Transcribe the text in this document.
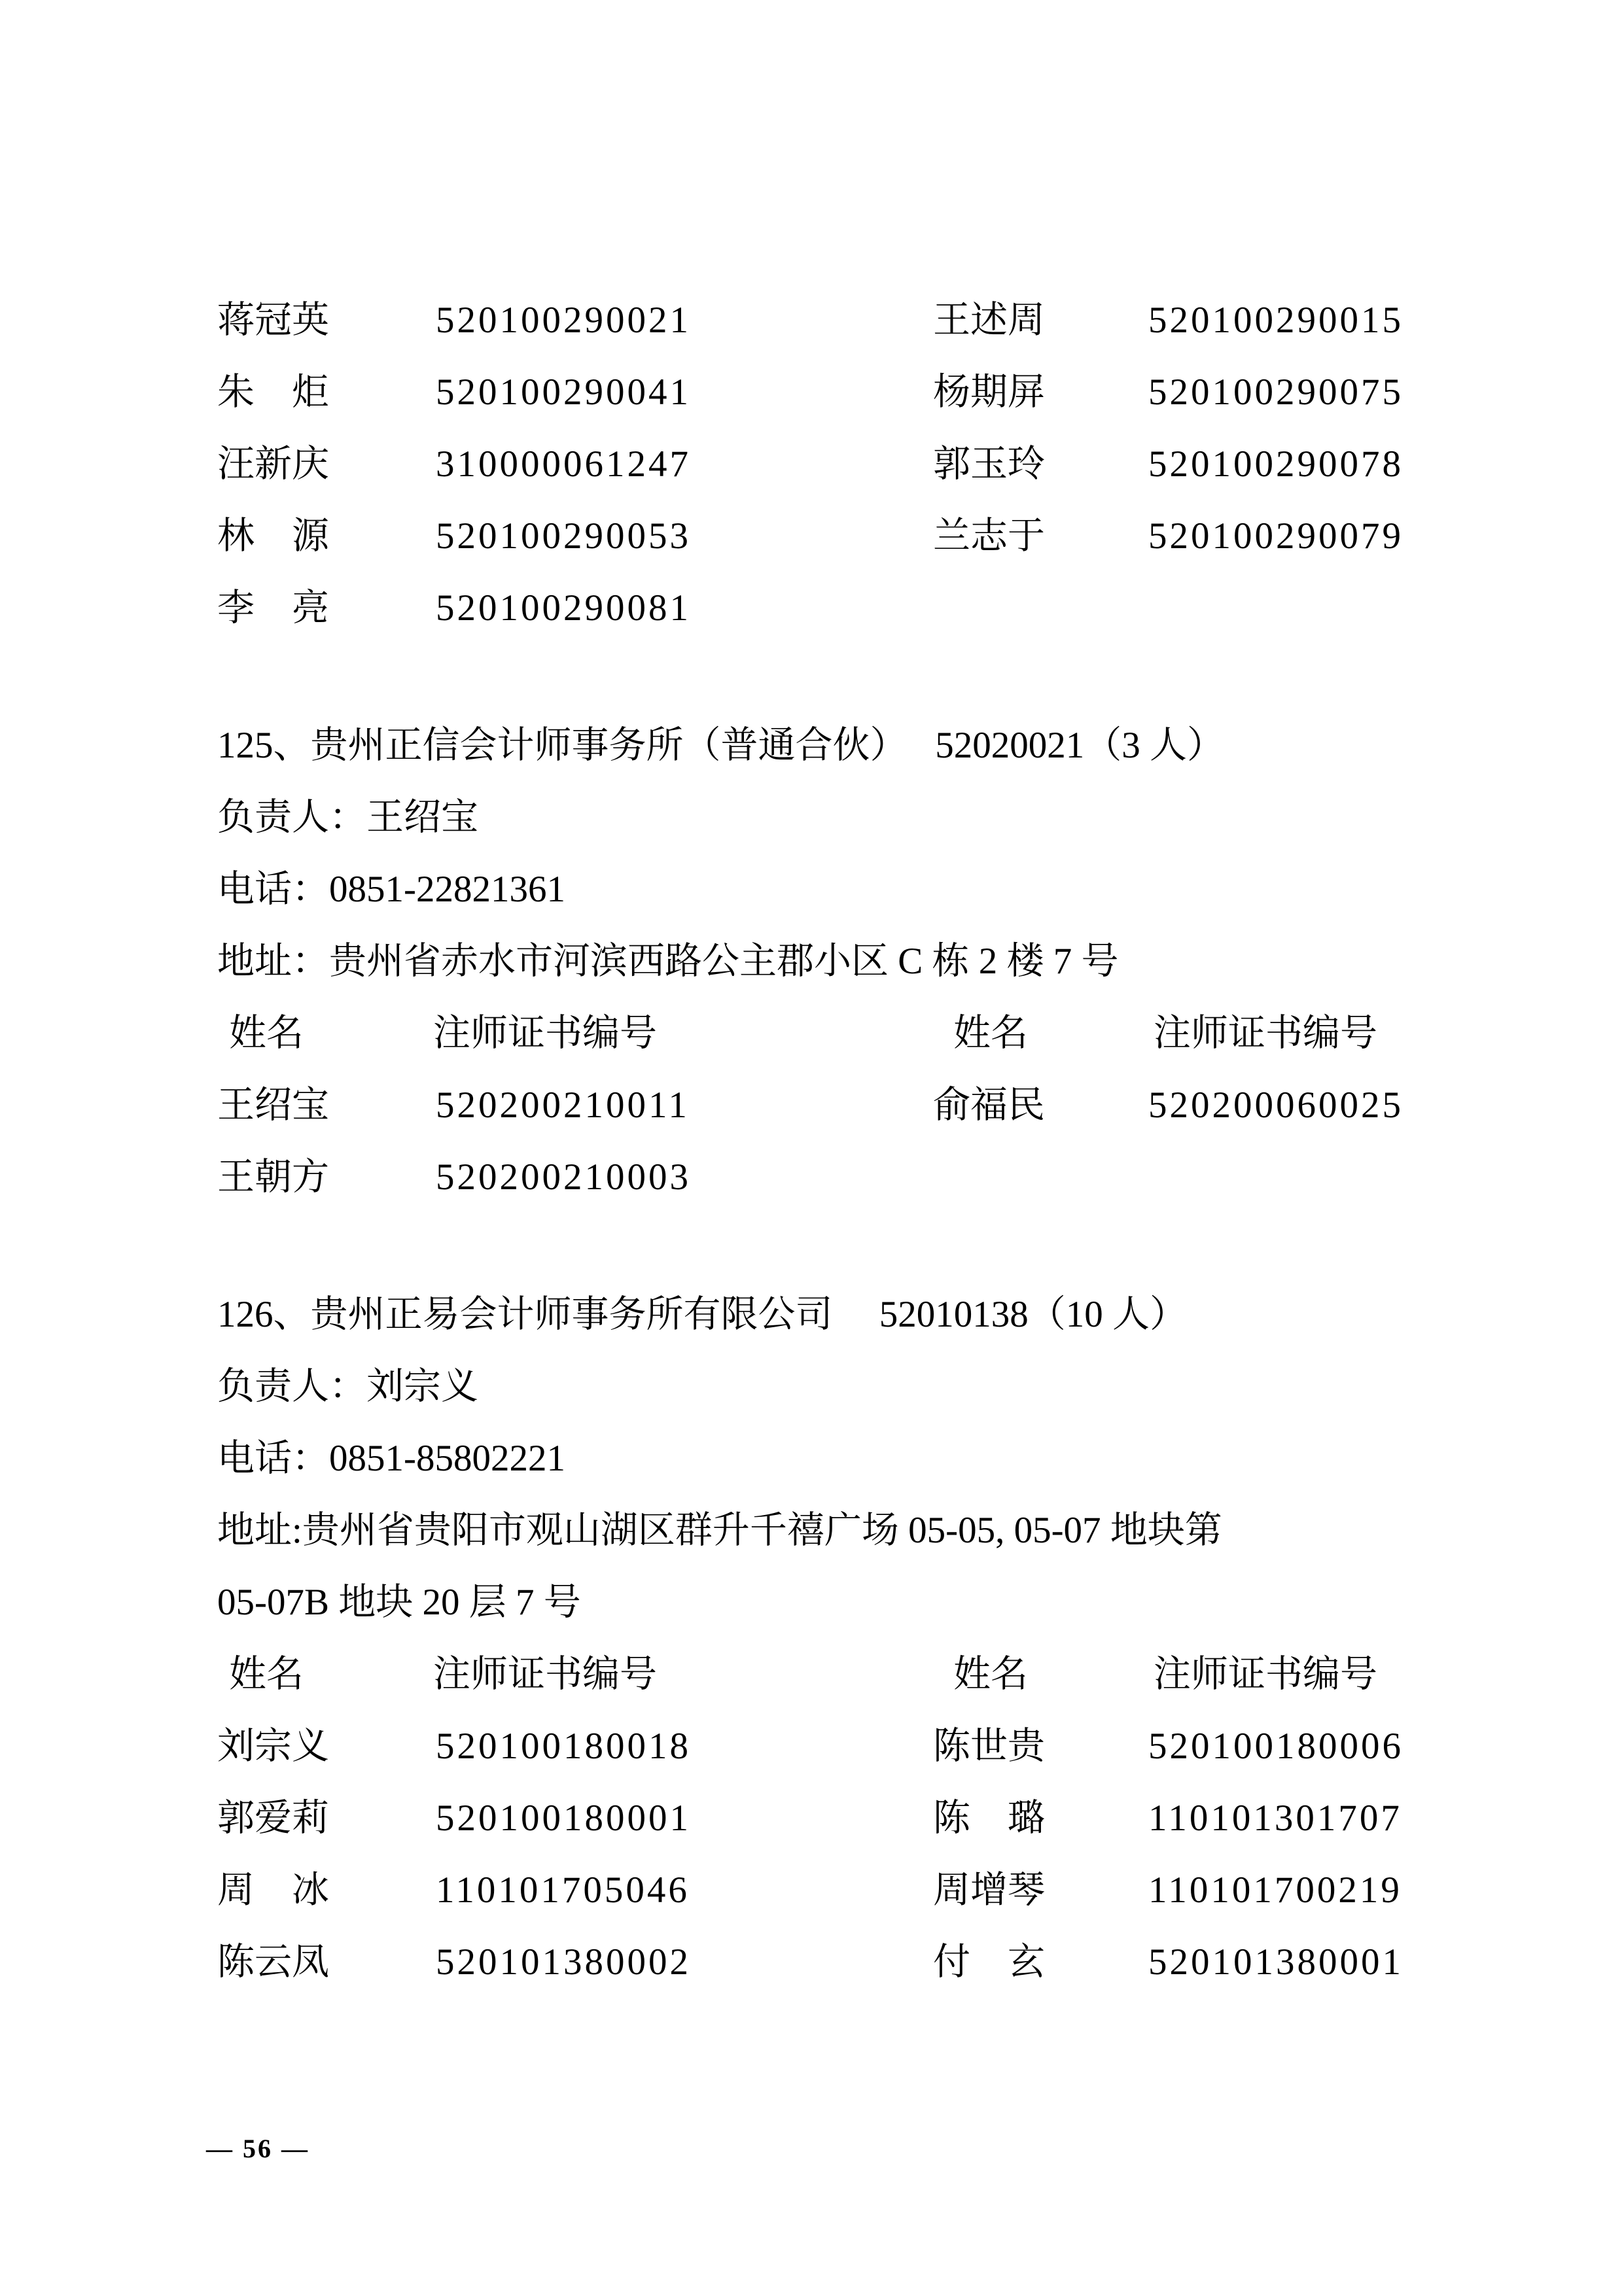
蒋冠英	520100290021	王述周	520100290015
朱　炬	520100290041	杨期屏	520100290075
汪新庆	310000061247	郭玉玲	520100290078
林　源	520100290053	兰志于	520100290079
李　亮	520100290081
125、贵州正信会计师事务所（普通合伙）　 52020021（3 人）
负责人：王绍宝
电话：0851-22821361
地址：贵州省赤水市河滨西路公主郡小区 C 栋 2 楼 7 号
姓名	注师证书编号	姓名	注师证书编号
王绍宝	520200210011	俞福民	520200060025
王朝方	520200210003
126、贵州正易会计师事务所有限公司　 52010138（10 人）
负责人：刘宗义
电话：0851-85802221
地址:贵州省贵阳市观山湖区群升千禧广场 05-05, 05-07 地块第
05-07B 地块 20 层 7 号
姓名	注师证书编号	姓名	注师证书编号
刘宗义	520100180018	陈世贵	520100180006
郭爱莉	520100180001	陈　璐	110101301707
周　冰	110101705046	周增琴	110101700219
陈云凤	520101380002	付　玄	520101380001
— 56 —
